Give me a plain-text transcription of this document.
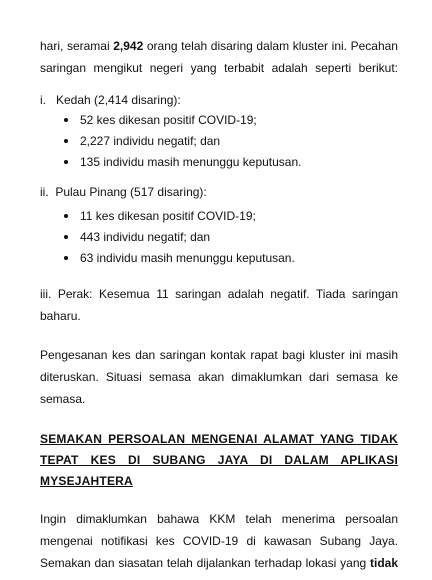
hari, seramai 2,942 orang telah disaring dalam kluster ini. Pecahan
saringan mengikut negeri yang terbabit adalah seperti berikut:
i.   Kedah (2,414 disaring):
52 kes dikesan positif COVID-19;
2,227 individu negatif; dan
135 individu masih menunggu keputusan.
ii.  Pulau Pinang (517 disaring):
11 kes dikesan positif COVID-19;
443 individu negatif; dan
63 individu masih menunggu keputusan.
iii. Perak: Kesemua 11 saringan adalah negatif. Tiada saringan
baharu.
Pengesanan kes dan saringan kontak rapat bagi kluster ini masih
diteruskan. Situasi semasa akan dimaklumkan dari semasa ke
semasa.
SEMAKAN PERSOALAN MENGENAI ALAMAT YANG TIDAK
TEPAT KES DI SUBANG JAYA DI DALAM APLIKASI
MYSEJAHTERA
Ingin dimaklumkan bahawa KKM telah menerima persoalan
mengenai notifikasi kes COVID-19 di kawasan Subang Jaya.
Semakan dan siasatan telah dijalankan terhadap lokasi yang tidak
